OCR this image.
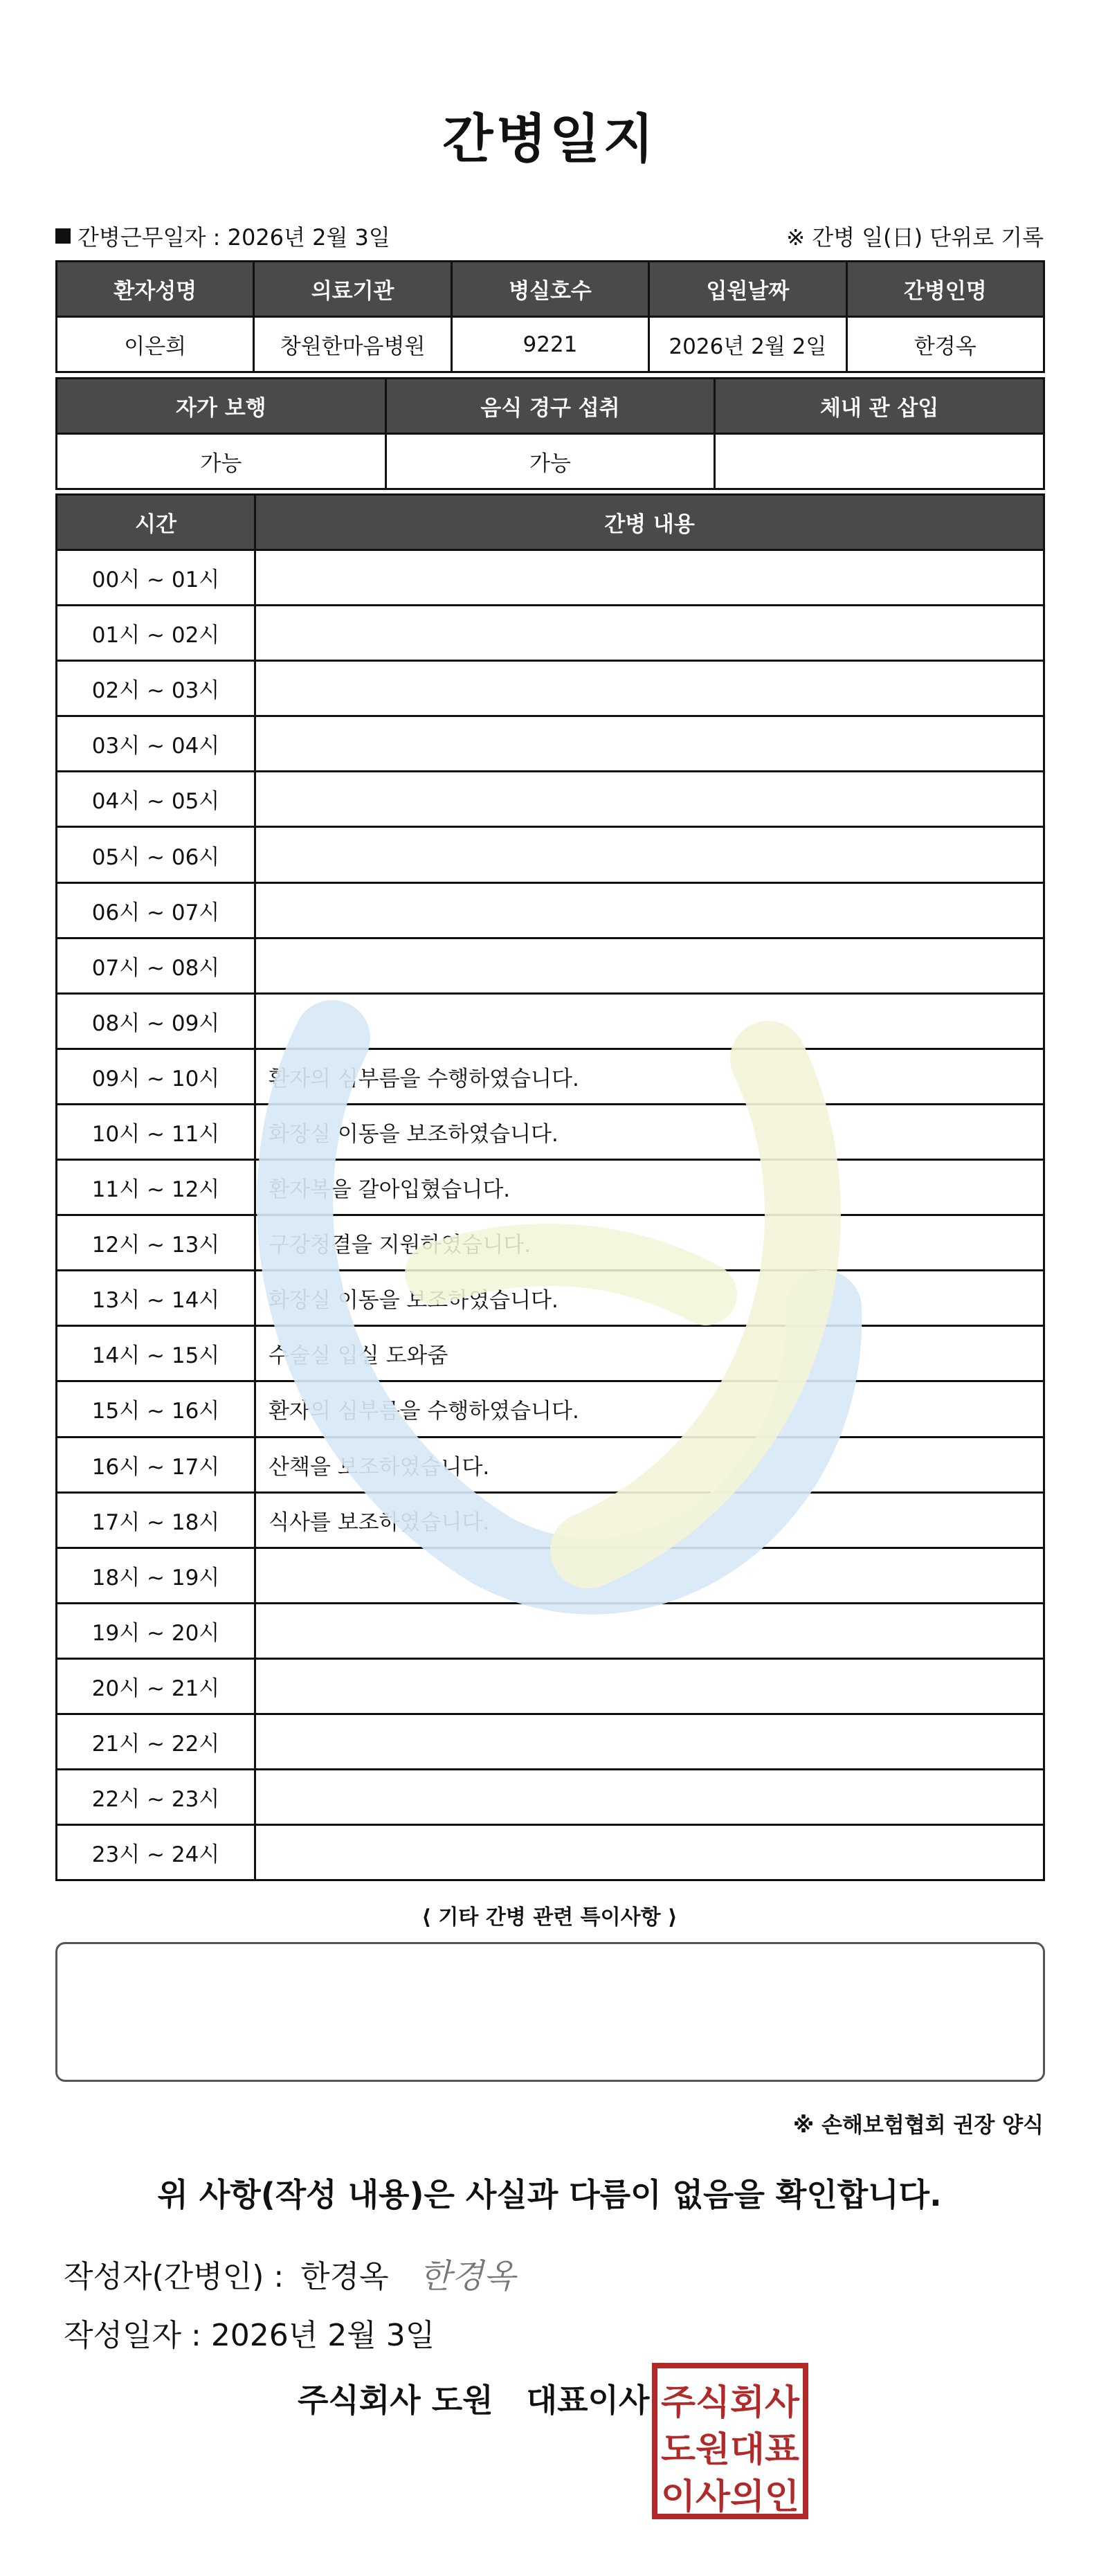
간병일지
간병근무일자 : 2026년 2월 3일	※ 간병 일(日) 단위로 기록
환자성명	의료기관	병실호수	입원날짜	간병인명
이은희	창원한마음병원	9221	2026년 2월 2일	한경옥
자가 보행	음식 경구 섭취	체내 관 삽입
가능	가능	
시간	간병 내용
00시 ~ 01시	
01시 ~ 02시	
02시 ~ 03시	
03시 ~ 04시	
04시 ~ 05시	
05시 ~ 06시	
06시 ~ 07시	
07시 ~ 08시	
08시 ~ 09시	
09시 ~ 10시	환자의 심부름을 수행하였습니다.
10시 ~ 11시	화장실 이동을 보조하였습니다.
11시 ~ 12시	환자복을 갈아입혔습니다.
12시 ~ 13시	구강청결을 지원하였습니다.
13시 ~ 14시	화장실 이동을 보조하였습니다.
14시 ~ 15시	수술실 입실 도와줌
15시 ~ 16시	환자의 심부름을 수행하였습니다.
16시 ~ 17시	산책을 보조하였습니다.
17시 ~ 18시	식사를 보조하였습니다.
18시 ~ 19시	
19시 ~ 20시	
20시 ~ 21시	
21시 ~ 22시	
22시 ~ 23시	
23시 ~ 24시	
⟨ 기타 간병 관련 특이사항 ⟩
※ 손해보험협회 권장 양식
위 사항(작성 내용)은 사실과 다름이 없음을 확인합니다.
작성자(간병인) : 한경옥 한경옥
작성일자 : 2026년 2월 3일
주식회사 도원   대표이사 주식회사
도원대표
이사의인
